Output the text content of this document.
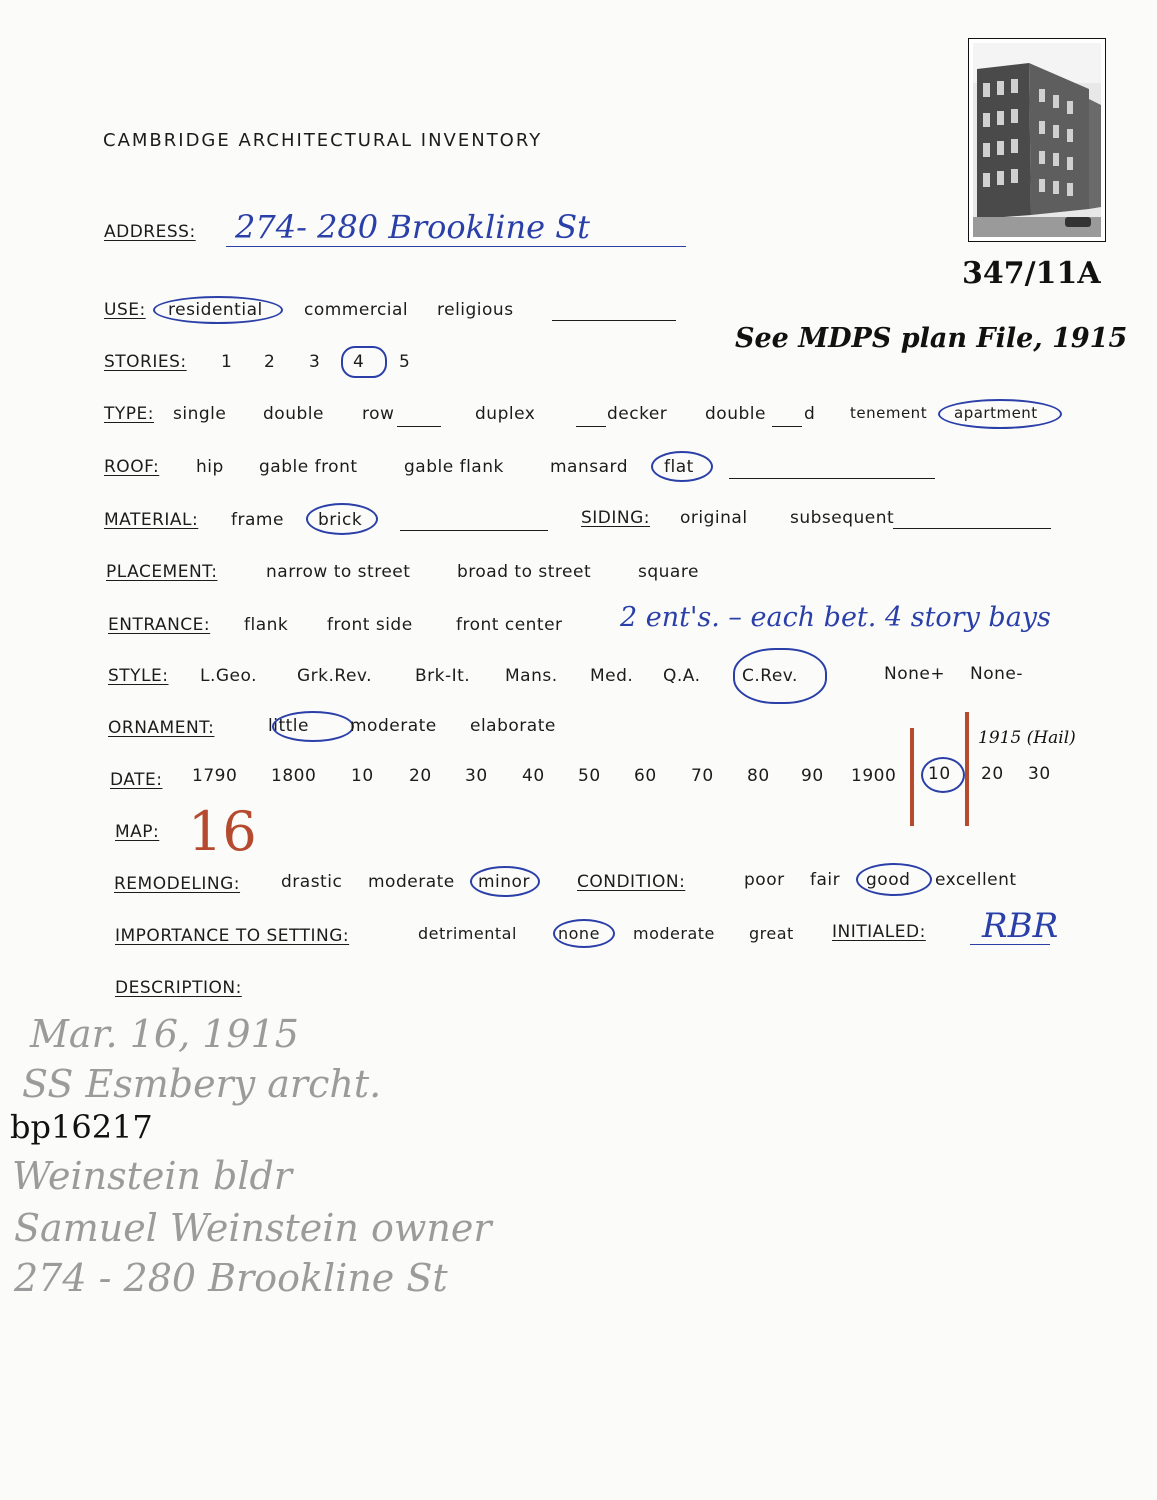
CAMBRIDGE ARCHITECTURAL INVENTORY
347/11A
ADDRESS: 274- 280 Brookline St
USE: residential commercial religious
See MDPS plan File, 1915
STORIES: 1 2 3 4 5
TYPE: single double row	duplex	decker double d tenement apartment
ROOF: hip gable front	gable flank	mansard flat
MATERIAL: frame brick	SIDING: original subsequent
PLACEMENT:	narrow to street	broad to street	square
ENTRANCE: flank front side	front center 2 ent's. – each bet. 4 story bays
STYLE: L.Geo. Grk.Rev.	Brk-It. Mans. Med. Q.A. C.Rev.	None+ None-
ORNAMENT:	little moderate elaborate
DATE: 1790 1800 10 20 30 40 50 60 70 80 90 1900 10 20 30
1915 (Hail)
MAP: 16
REMODELING: drastic moderate minor	CONDITION:	poor fair good excellent
IMPORTANCE TO SETTING:	detrimental	none moderate great INITIALED: RBR
DESCRIPTION:
Mar. 16, 1915
SS Esmbery archt.
bp16217
Weinstein bldr
Samuel Weinstein owner
274 - 280 Brookline St
